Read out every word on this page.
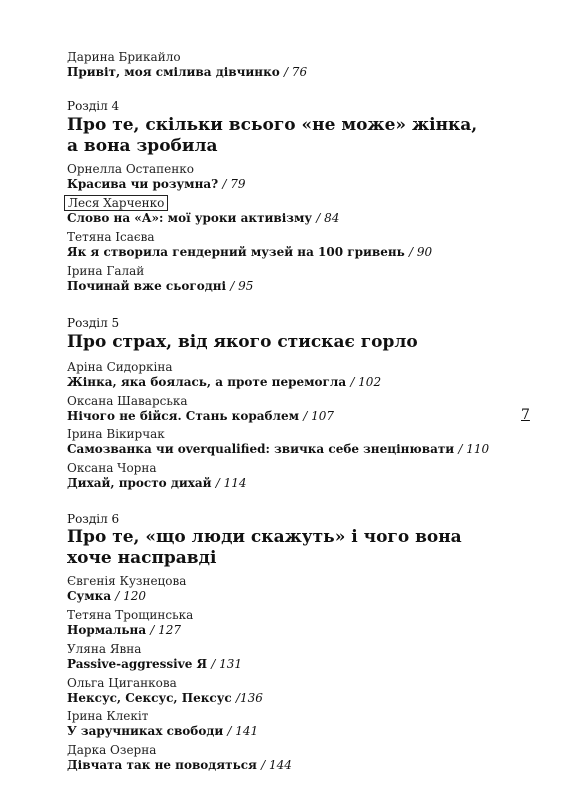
Дарина Брикайло
Привіт, моя смілива дівчинко / 76
Розділ 4
Про те, скільки всього «не може» жінка,
а вона зробила
Орнелла Остапенко
Красива чи розумна? / 79
Леся Харченко
Слово на «А»: мої уроки активізму / 84
Тетяна Ісаєва
Як я створила гендерний музей на 100 гривень / 90
Ірина Галай
Починай вже сьогодні / 95
Розділ 5
Про страх, від якого стискає горло
Аріна Сидоркіна
Жінка, яка боялась, а проте перемогла / 102
Оксана Шаварська
Нічого не бійся. Стань кораблем / 107
Ірина Вікирчак
Самозванка чи overqualified: звичка себе знецінювати / 110
Оксана Чорна
Дихай, просто дихай / 114
Розділ 6
Про те, «що люди скажуть» і чого вона
хоче насправді
Євгенія Кузнецова
Сумка / 120
Тетяна Трощинська
Нормальна / 127
Уляна Явна
Passive-aggressive Я / 131
Ольга Циганкова
Нексус, Сексус, Пексус /136
Ірина Клекіт
У заручниках свободи / 141
Дарка Озерна
Дівчата так не поводяться / 144
7
